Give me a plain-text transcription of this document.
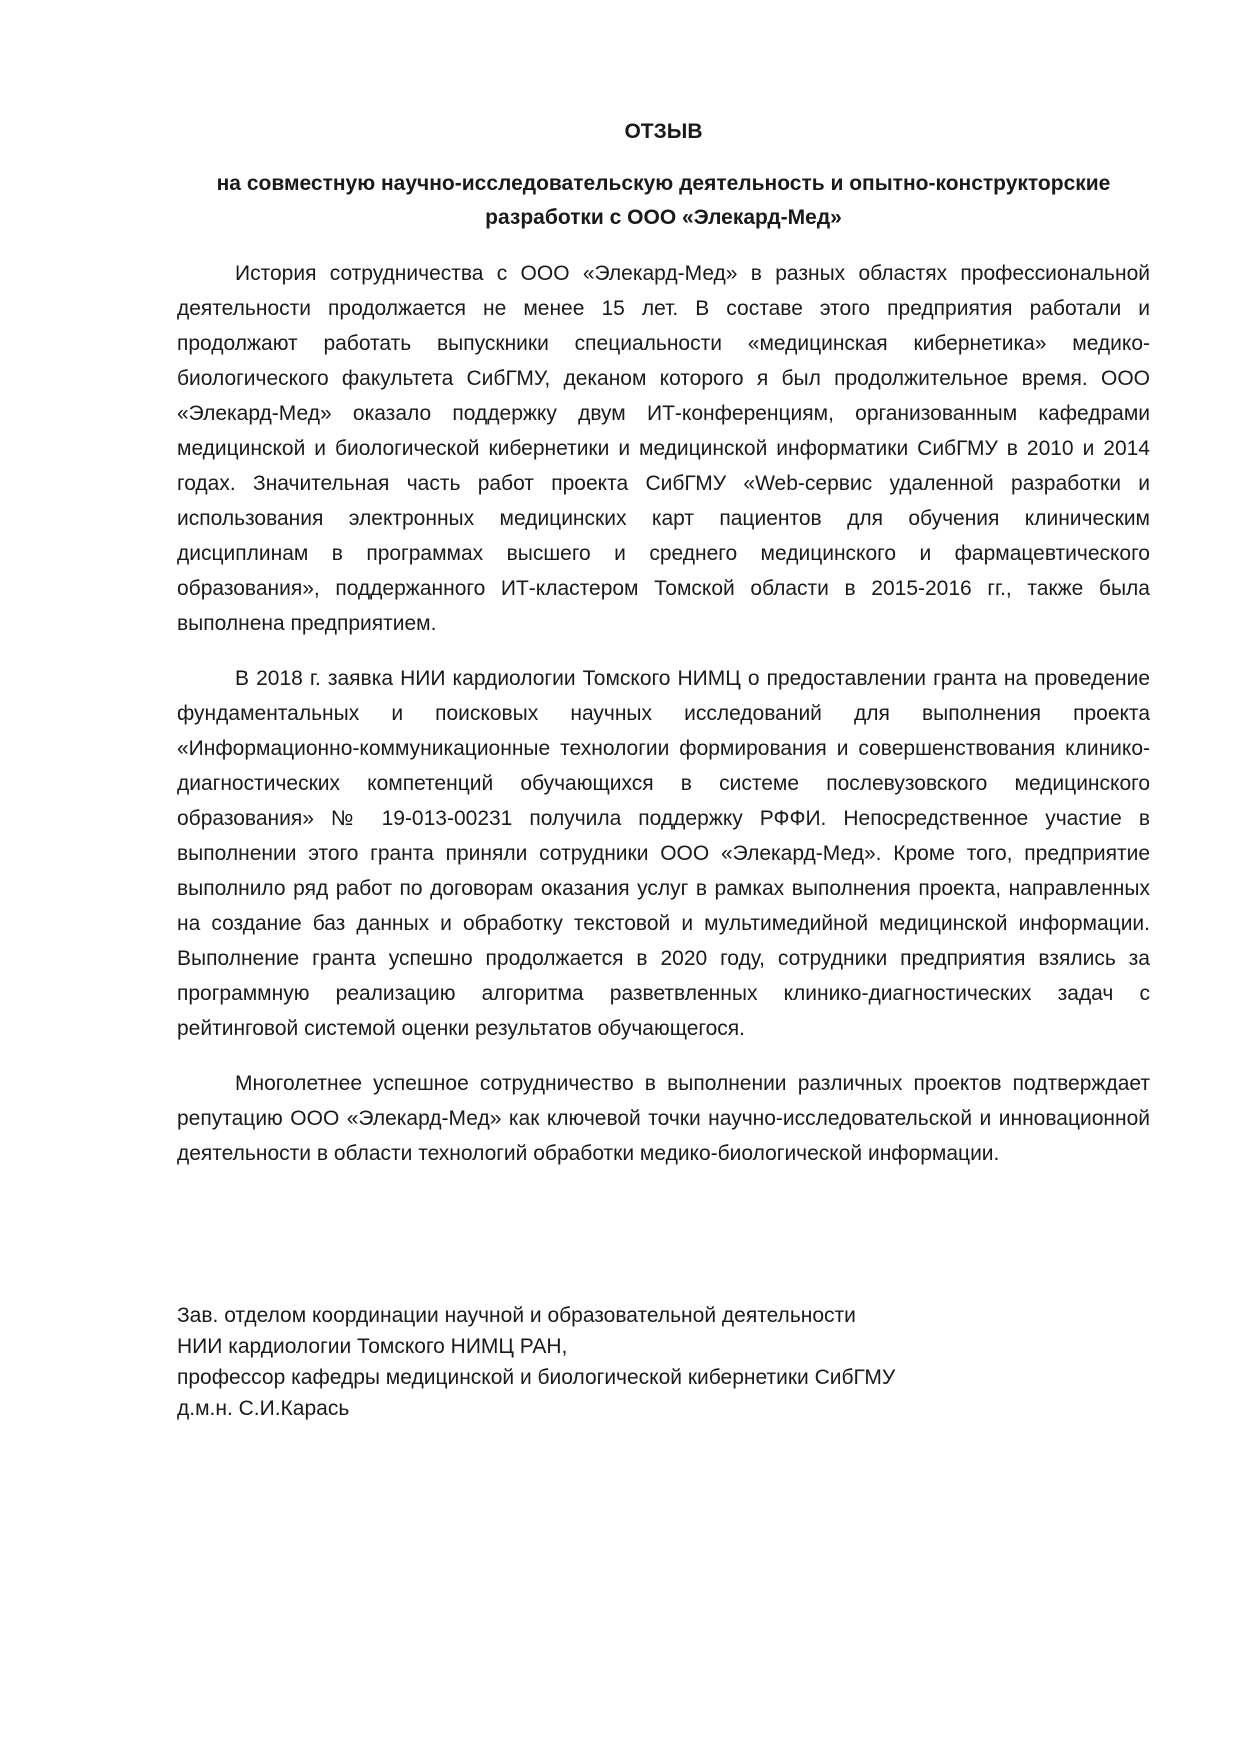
ОТЗЫВ
на совместную научно-исследовательскую деятельность и опытно-конструкторские разработки с ООО «Элекард-Мед»

История сотрудничества с ООО «Элекард-Мед» в разных областях профессиональной деятельности продолжается не менее 15 лет. В составе этого предприятия работали и продолжают работать выпускники специальности «медицинская кибернетика» медико-биологического факультета СибГМУ, деканом которого я был продолжительное время. ООО «Элекард-Мед» оказало поддержку двум ИТ-конференциям, организованным кафедрами медицинской и биологической кибернетики и медицинской информатики СибГМУ в 2010 и 2014 годах. Значительная часть работ проекта СибГМУ «Web-сервис удаленной разработки и использования электронных медицинских карт пациентов для обучения клиническим дисциплинам в программах высшего и среднего медицинского и фармацевтического образования», поддержанного ИТ-кластером Томской области в 2015-2016 гг., также была выполнена предприятием.

В 2018 г. заявка НИИ кардиологии Томского НИМЦ о предоставлении гранта на проведение фундаментальных и поисковых научных исследований для выполнения проекта «Информационно-коммуникационные технологии формирования и совершенствования клинико-диагностических компетенций обучающихся в системе послевузовского медицинского образования» № 19-013-00231 получила поддержку РФФИ. Непосредственное участие в выполнении этого гранта приняли сотрудники ООО «Элекард-Мед». Кроме того, предприятие выполнило ряд работ по договорам оказания услуг в рамках выполнения проекта, направленных на создание баз данных и обработку текстовой и мультимедийной медицинской информации. Выполнение гранта успешно продолжается в 2020 году, сотрудники предприятия взялись за программную реализацию алгоритма разветвленных клинико-диагностических задач с рейтинговой системой оценки результатов обучающегося.

Многолетнее успешное сотрудничество в выполнении различных проектов подтверждает репутацию ООО «Элекард-Мед» как ключевой точки научно-исследовательской и инновационной деятельности в области технологий обработки медико-биологической информации.

Зав. отделом координации научной и образовательной деятельности
НИИ кардиологии Томского НИМЦ РАН,
профессор кафедры медицинской и биологической кибернетики СибГМУ
д.м.н. С.И.Карась
